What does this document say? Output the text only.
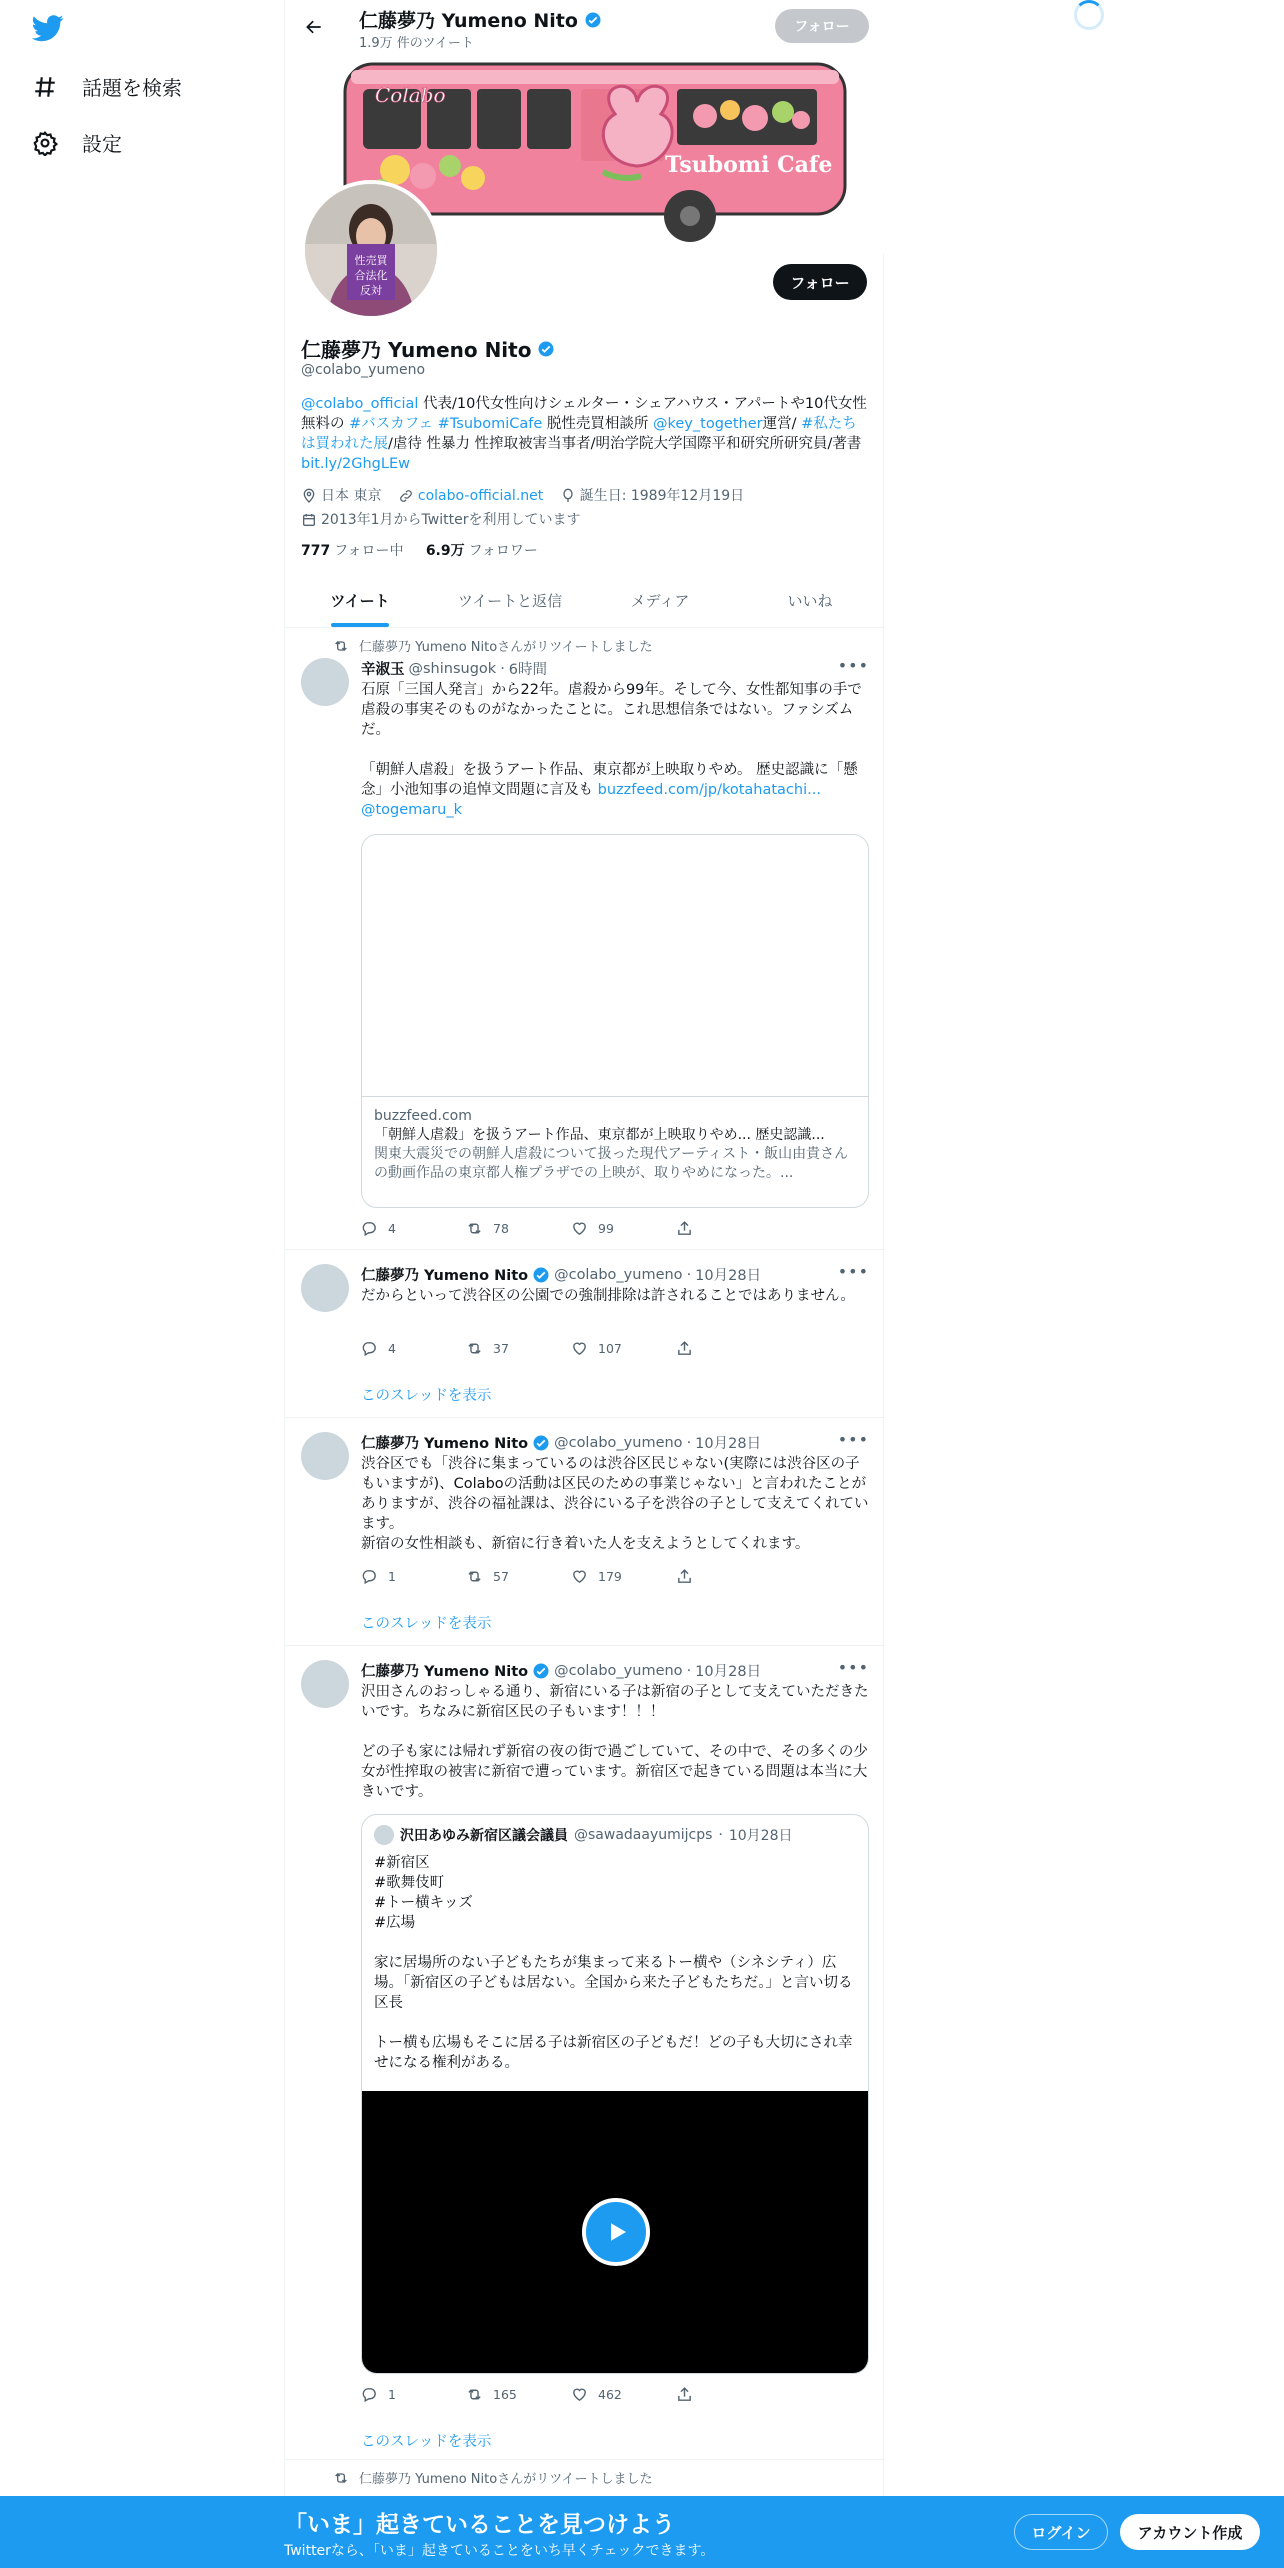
話題を検索
設定
仁藤夢乃 Yumeno Nito
1.9万 件のツイート
フォロー
Colabo
Tsubomi Cafe
性売買
合法化
反対	フォロー
仁藤夢乃 Yumeno Nito
@colabo_yumeno
@colabo_official 代表/10代女性向けシェルター・シェアハウス・アパートや10代女性無料の #バスカフェ #TsubomiCafe 脱性売買相談所 @key_together運営/ #私たちは買われた展/虐待 性暴力 性搾取被害当事者/明治学院大学国際平和研究所研究員/著書bit.ly/2GhgLEw
日本 東京
	colabo-official.net
	誕生日: 1989年12月19日

2013年1月からTwitterを利用しています
777 フォロー中 6.9万 フォロワー
ツイート	ツイートと返信	メディア	いいね
仁藤夢乃 Yumeno Nitoさんがリツイートしました
辛淑玉 @shinsugok · 6時間	•••
石原「三国人発言」から22年。虐殺から99年。そして今、女性都知事の手で虐殺の事実そのものがなかったことに。これ思想信条ではない。ファシズムだ。

「朝鮮人虐殺」を扱うアート作品、東京都が上映取りやめ。 歴史認識に「懸念」小池知事の追悼文問題に言及も buzzfeed.com/jp/kotahatachi...
@togemaru_k
buzzfeed.com
「朝鮮人虐殺」を扱うアート作品、東京都が上映取りやめ... 歴史認識...
関東大震災での朝鮮人虐殺について扱った現代アーティスト・飯山由貴さんの動画作品の東京都人権プラザでの上映が、取りやめになった。...
4	78	99
仁藤夢乃 Yumeno Nito @colabo_yumeno · 10月28日	•••
だからといって渋谷区の公園での強制排除は許されることではありません。
4	37	107
このスレッドを表示
仁藤夢乃 Yumeno Nito @colabo_yumeno · 10月28日	•••
渋谷区でも「渋谷に集まっているのは渋谷区民じゃない(実際には渋谷区の子もいますが)、Colaboの活動は区民のための事業じゃない」と言われたことがありますが、渋谷の福祉課は、渋谷にいる子を渋谷の子として支えてくれています。
新宿の女性相談も、新宿に行き着いた人を支えようとしてくれます。
1	57	179
このスレッドを表示
仁藤夢乃 Yumeno Nito @colabo_yumeno · 10月28日	•••
沢田さんのおっしゃる通り、新宿にいる子は新宿の子として支えていただきたいです。ちなみに新宿区民の子もいます！！！

どの子も家には帰れず新宿の夜の街で過ごしていて、その中で、その多くの少女が性搾取の被害に新宿で遭っています。新宿区で起きている問題は本当に大きいです。
沢田あゆみ新宿区議会議員 @sawadaayumijcps · 10月28日
#新宿区
#歌舞伎町
#トー横キッズ
#広場

家に居場所のない子どもたちが集まって来るトー横や（シネシティ）広場。「新宿区の子どもは居ない。全国から来た子どもたちだ。」と言い切る区長

トー横も広場もそこに居る子は新宿区の子どもだ！どの子も大切にされ幸せになる権利がある。
1	165	462
このスレッドを表示
仁藤夢乃 Yumeno Nitoさんがリツイートしました
「いま」起きていることを見つけよう
Twitterなら、「いま」起きていることをいち早くチェックできます。
ログイン	アカウント作成
